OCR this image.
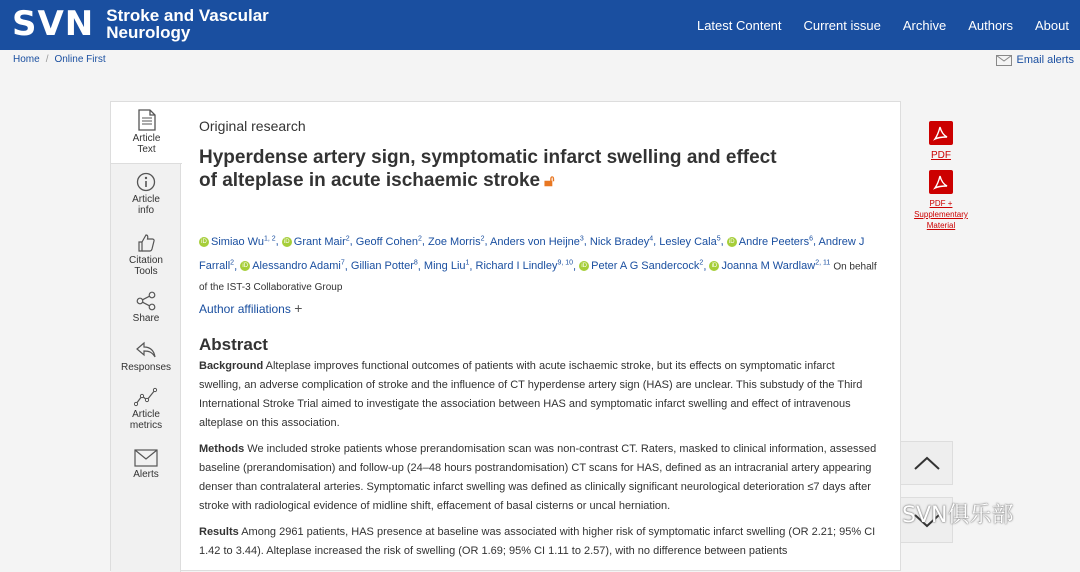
SVN Stroke and Vascular
Neurology	Latest Content Current issue Archive Authors About
Home / Online First	Email alerts
Article
Text
Article
info
Citation
Tools
Share
Responses
Article
metrics
Alerts
Original research
Hyperdense artery sign, symptomatic infarct swelling and effect of alteplase in acute ischaemic stroke 🔓︎
PDF
PDF +
Supplementary
Material
iD Simiao Wu$^{1, 2}$, iD Grant Mair$^2$, Geoff Cohen$^2$, Zoe Morris$^2$, Anders von Heijne$^3$, Nick Bradey$^4$, Lesley Cala$^5$, iD Andre Peeters$^6$, Andrew J Farrall$^2$, iD Alessandro Adami$^7$, Gillian Potter$^8$, Ming Liu$^1$, Richard I Lindley$^{9, 10}$, iD Peter A G Sandercock$^2$, iD Joanna M Wardlaw$^{2, 11}$ On behalf of the IST-3 Collaborative Group
Author affiliations +
Abstract

Background Alteplase improves functional outcomes of patients with acute ischaemic stroke, but its effects on symptomatic infarct swelling, an adverse complication of stroke and the influence of CT hyperdense artery sign (HAS) are unclear. This substudy of the Third International Stroke Trial aimed to investigate the association between HAS and symptomatic infarct swelling and effect of intravenous alteplase on this association.

Methods We included stroke patients whose prerandomisation scan was non-contrast CT. Raters, masked to clinical information, assessed baseline (prerandomisation) and follow-up (24–48 hours postrandomisation) CT scans for HAS, defined as an intracranial artery appearing denser than contralateral arteries. Symptomatic infarct swelling was defined as clinically significant neurological deterioration ≤7 days after stroke with radiological evidence of midline shift, effacement of basal cisterns or uncal herniation.

Results Among 2961 patients, HAS presence at baseline was associated with higher risk of symptomatic infarct swelling (OR 2.21; 95% CI 1.42 to 3.44). Alteplase increased the risk of swelling (OR 1.69; 95% CI 1.11 to 2.57), with no difference between patients

SVN俱乐部
